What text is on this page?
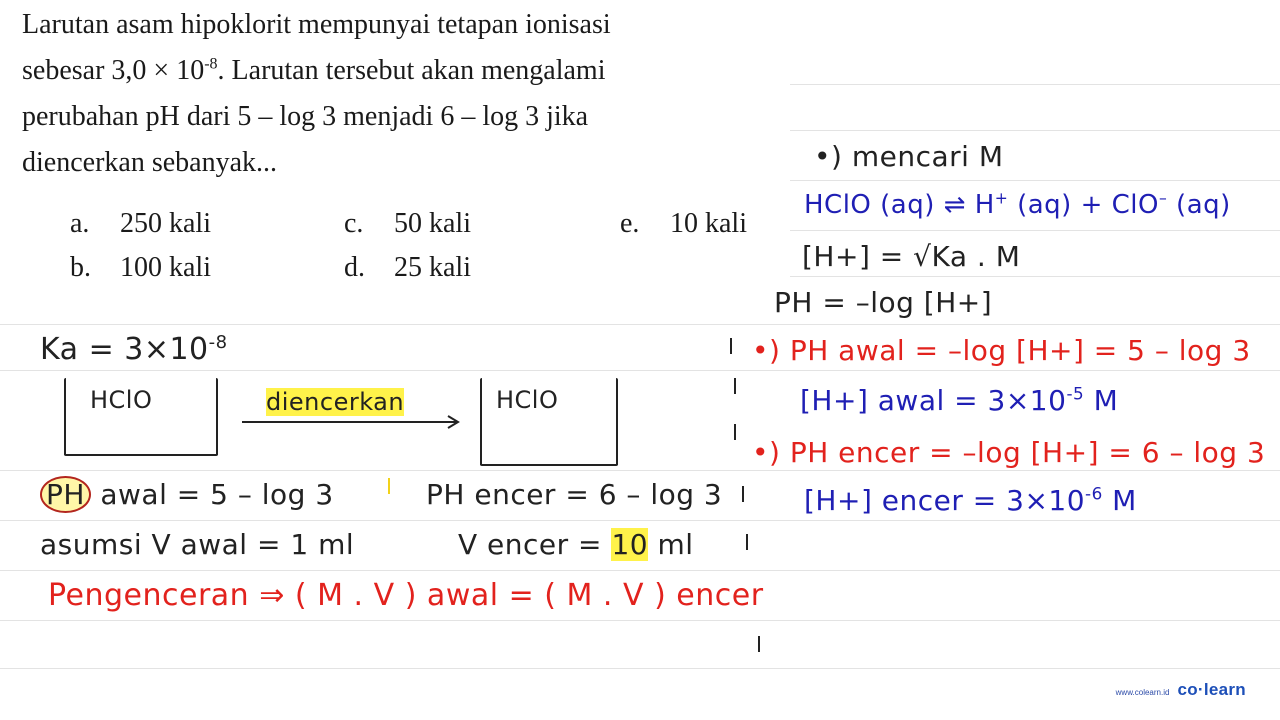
Larutan asam hipoklorit mempunyai tetapan ionisasi
sebesar $3,0 \times 10^{-8}$. Larutan tersebut akan mengalami
perubahan pH dari 5 – log 3 menjadi 6 – log 3 jika
diencerkan sebanyak...
a. 250 kali
b. 100 kali
c. 50 kali
d. 25 kali
e. 10 kali
$Ka = 3\times 10^{-8}$
HClO	diencerkan	HClO
PH awal = 5 – log 3	PH encer = 6 – log 3
asumsi V awal = 1 ml	V encer = 10 ml
Pengenceran ⇒ ( M . V ) awal = ( M . V ) encer
•) mencari M
HClO (aq) ⇌ H+ (aq) + ClO– (aq)
[H+] = √Ka . M
PH = –log [H+]
•) PH awal = –log [H+] = 5 – log 3
[H+] awal = $3\times 10^{-5}$ M
•) PH encer = –log [H+] = 6 – log 3
[H+] encer = $3\times 10^{-6}$ M
www.colearn.id co·learn
